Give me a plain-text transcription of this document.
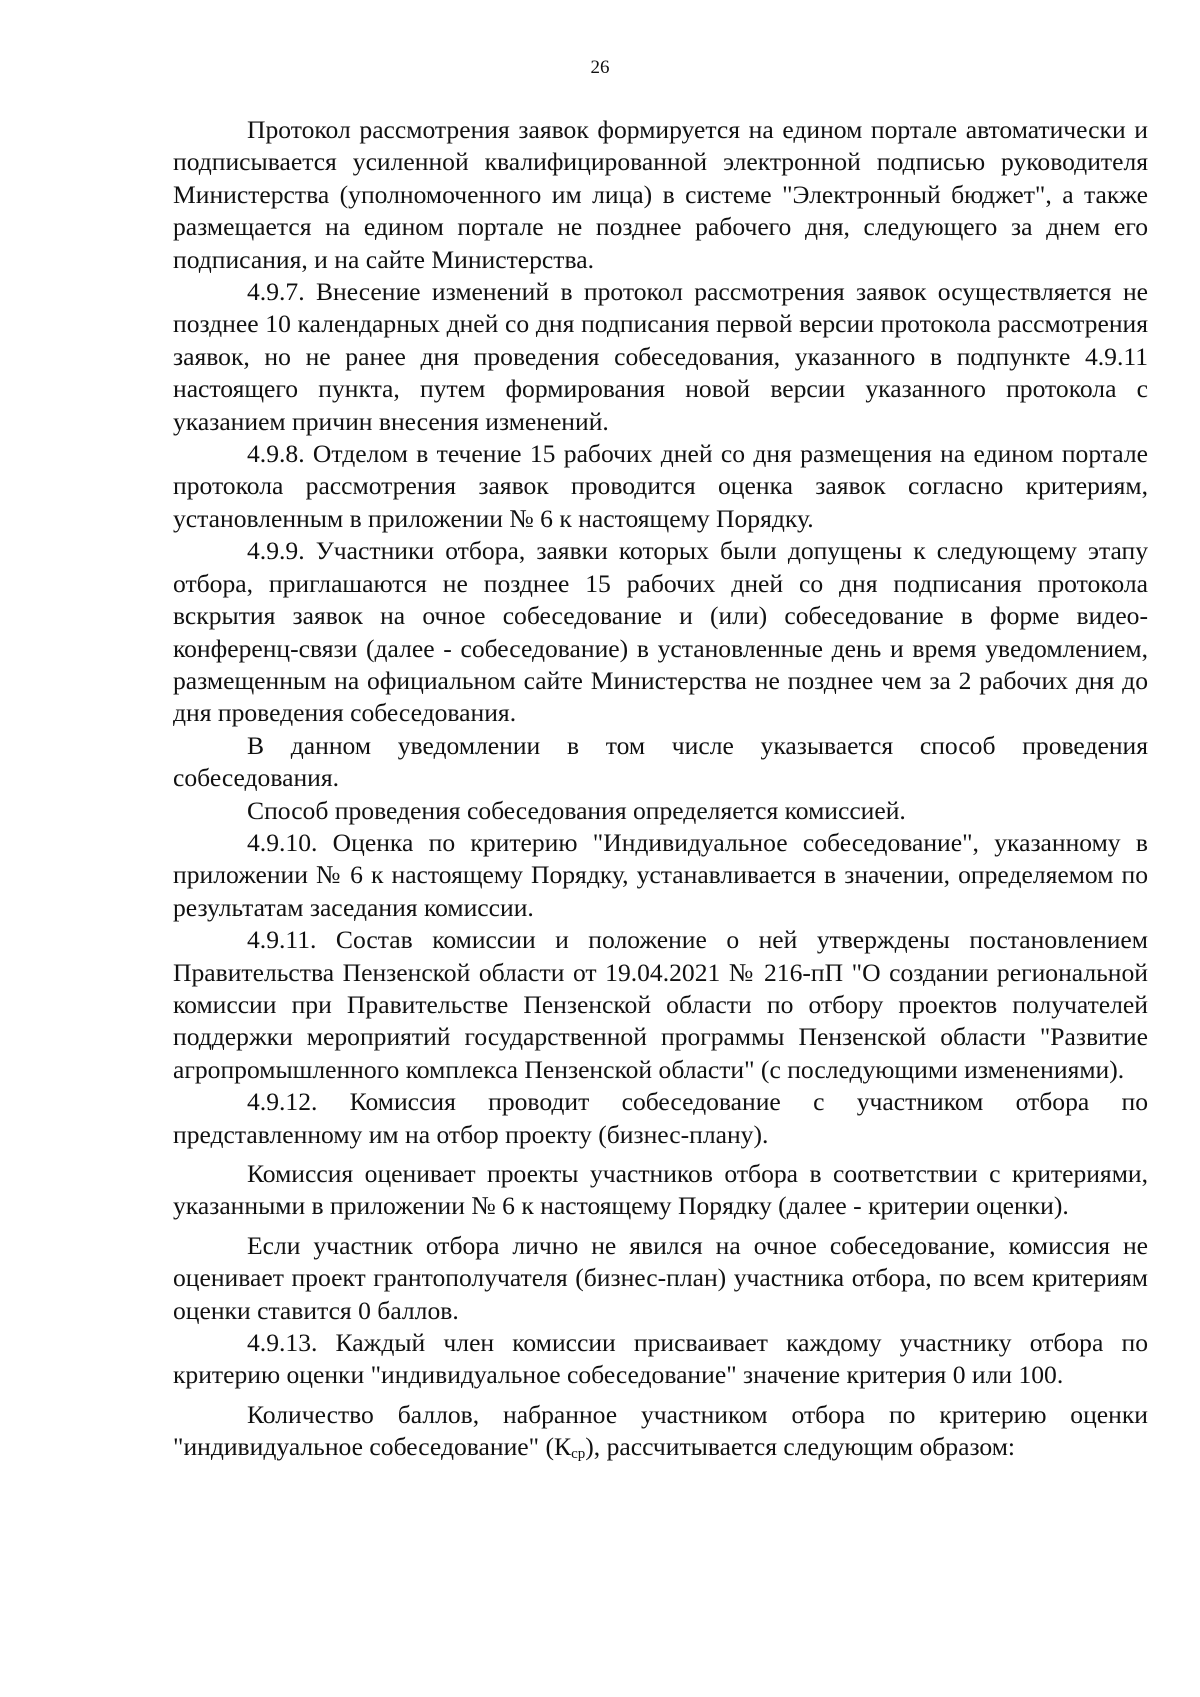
26

Протокол рассмотрения заявок формируется на едином портале автоматически и подписывается усиленной квалифицированной электронной подписью руководителя Министерства (уполномоченного им лица) в системе "Электронный бюджет", а также размещается на едином портале не позднее рабочего дня, следующего за днем его подписания, и на сайте Министерства.

4.9.7. Внесение изменений в протокол рассмотрения заявок осуществляется не позднее 10 календарных дней со дня подписания первой версии протокола рассмотрения заявок, но не ранее дня проведения собеседования, указанного в подпункте 4.9.11 настоящего пункта, путем формирования новой версии указанного протокола с указанием причин внесения изменений.

4.9.8. Отделом в течение 15 рабочих дней со дня размещения на едином портале протокола рассмотрения заявок проводится оценка заявок согласно критериям, установленным в приложении № 6 к настоящему Порядку.

4.9.9. Участники отбора, заявки которых были допущены к следующему этапу отбора, приглашаются не позднее 15 рабочих дней со дня подписания протокола вскрытия заявок на очное собеседование и (или) собеседование в форме видео-конференц-связи (далее - собеседование) в установленные день и время уведомлением, размещенным на официальном сайте Министерства не позднее чем за 2 рабочих дня до дня проведения собеседования.

В данном уведомлении в том числе указывается способ проведения собеседования.

Способ проведения собеседования определяется комиссией.

4.9.10. Оценка по критерию "Индивидуальное собеседование", указанному в приложении № 6 к настоящему Порядку, устанавливается в значении, определяемом по результатам заседания комиссии.

4.9.11. Состав комиссии и положение о ней утверждены постановлением Правительства Пензенской области от 19.04.2021 № 216-пП "О создании региональной комиссии при Правительстве Пензенской области по отбору проектов получателей поддержки мероприятий государственной программы Пензенской области "Развитие агропромышленного комплекса Пензенской области" (с последующими изменениями).

4.9.12. Комиссия проводит собеседование с участником отбора по представленному им на отбор проекту (бизнес-плану).

Комиссия оценивает проекты участников отбора в соответствии с критериями, указанными в приложении № 6 к настоящему Порядку (далее - критерии оценки).

Если участник отбора лично не явился на очное собеседование, комиссия не оценивает проект грантополучателя (бизнес-план) участника отбора, по всем критериям оценки ставится 0 баллов.

4.9.13. Каждый член комиссии присваивает каждому участнику отбора по критерию оценки "индивидуальное собеседование" значение критерия 0 или 100.

Количество баллов, набранное участником отбора по критерию оценки "индивидуальное собеседование" $(К_{ср})$, рассчитывается следующим образом:
